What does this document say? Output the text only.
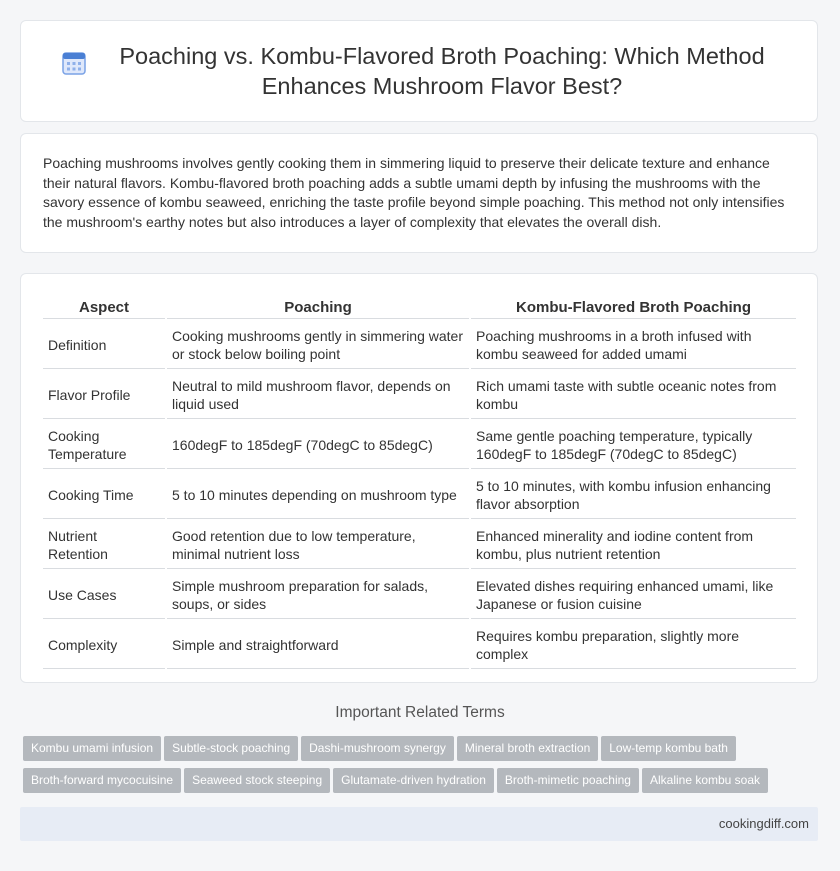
Poaching vs. Kombu-Flavored Broth Poaching: Which Method Enhances Mushroom Flavor Best?

Poaching mushrooms involves gently cooking them in simmering liquid to preserve their delicate texture and enhance their natural flavors. Kombu-flavored broth poaching adds a subtle umami depth by infusing the mushrooms with the savory essence of kombu seaweed, enriching the taste profile beyond simple poaching. This method not only intensifies the mushroom's earthy notes but also introduces a layer of complexity that elevates the overall dish.

Aspect	Poaching	Kombu-Flavored Broth Poaching
Definition	Cooking mushrooms gently in simmering water or stock below boiling point	Poaching mushrooms in a broth infused with kombu seaweed for added umami
Flavor Profile	Neutral to mild mushroom flavor, depends on liquid used	Rich umami taste with subtle oceanic notes from kombu
Cooking Temperature	160degF to 185degF (70degC to 85degC)	Same gentle poaching temperature, typically 160degF to 185degF (70degC to 85degC)
Cooking Time	5 to 10 minutes depending on mushroom type	5 to 10 minutes, with kombu infusion enhancing flavor absorption
Nutrient Retention	Good retention due to low temperature, minimal nutrient loss	Enhanced minerality and iodine content from kombu, plus nutrient retention
Use Cases	Simple mushroom preparation for salads, soups, or sides	Elevated dishes requiring enhanced umami, like Japanese or fusion cuisine
Complexity	Simple and straightforward	Requires kombu preparation, slightly more complex
Important Related Terms
Kombu umami infusion Subtle-stock poaching Dashi-mushroom synergy Mineral broth extraction Low-temp kombu bath
Broth-forward mycocuisine Seaweed stock steeping Glutamate-driven hydration Broth-mimetic poaching Alkaline kombu soak
cookingdiff.com
